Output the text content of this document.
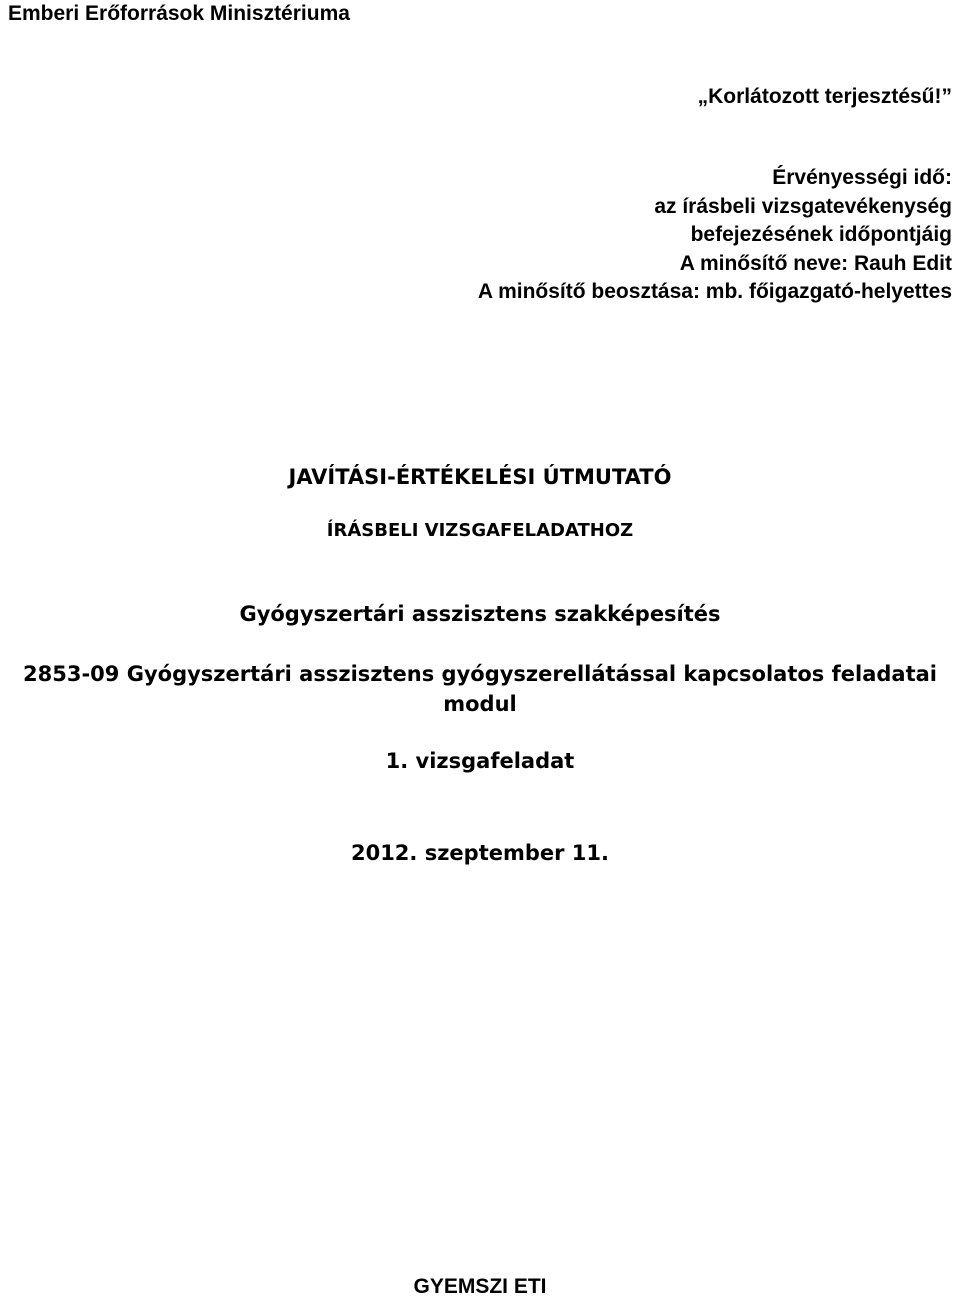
Emberi Erőforrások Minisztériuma
„Korlátozott terjesztésű!”
Érvényességi idő:
az írásbeli vizsgatevékenység
befejezésének időpontjáig
A minősítő neve: Rauh Edit
A minősítő beosztása: mb. főigazgató-helyettes
JAVÍTÁSI-ÉRTÉKELÉSI ÚTMUTATÓ
ÍRÁSBELI VIZSGAFELADATHOZ
Gyógyszertári asszisztens szakképesítés
2853-09 Gyógyszertári asszisztens gyógyszerellátással kapcsolatos feladatai
modul
1. vizsgafeladat
2012. szeptember 11.
GYEMSZI ETI
